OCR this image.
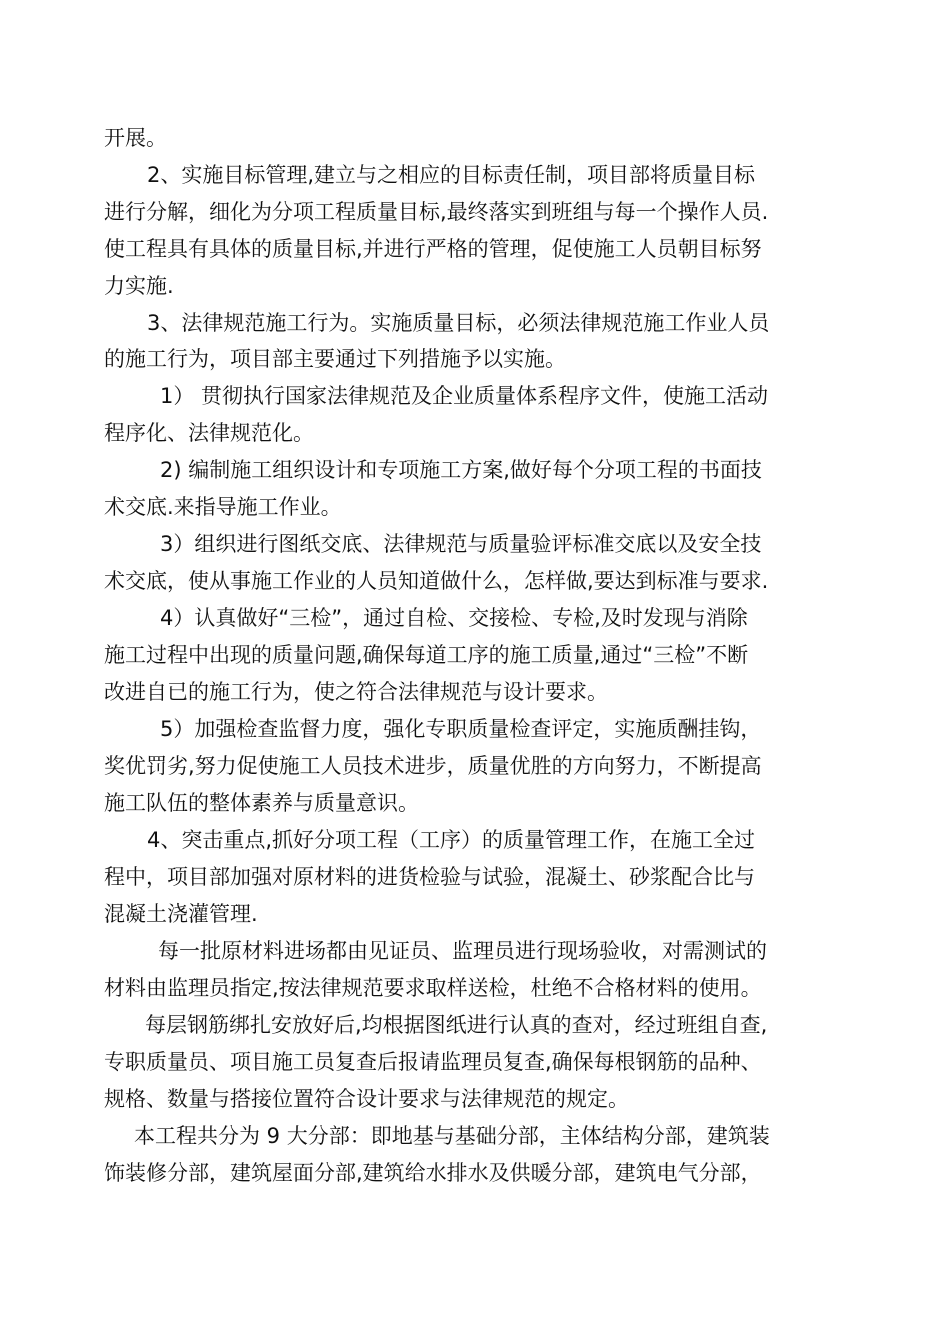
开展。
2、实施目标管理,建立与之相应的目标责任制，项目部将质量目标
进行分解，细化为分项工程质量目标,最终落实到班组与每一个操作人员.
使工程具有具体的质量目标,并进行严格的管理，促使施工人员朝目标努
力实施.
3、法律规范施工行为。实施质量目标，必须法律规范施工作业人员
的施工行为，项目部主要通过下列措施予以实施。
1） 贯彻执行国家法律规范及企业质量体系程序文件，使施工活动
程序化、法律规范化。
2) 编制施工组织设计和专项施工方案,做好每个分项工程的书面技
术交底.来指导施工作业。
3）组织进行图纸交底、法律规范与质量验评标准交底以及安全技
术交底，使从事施工作业的人员知道做什么，怎样做,要达到标准与要求.
4）认真做好“三检”，通过自检、交接检、专检,及时发现与消除
施工过程中出现的质量问题,确保每道工序的施工质量,通过“三检”不断
改进自已的施工行为，使之符合法律规范与设计要求。
5）加强检查监督力度，强化专职质量检查评定，实施质酬挂钩，
奖优罚劣,努力促使施工人员技术进步，质量优胜的方向努力，不断提高
施工队伍的整体素养与质量意识。
4、突击重点,抓好分项工程（工序）的质量管理工作，在施工全过
程中，项目部加强对原材料的进货检验与试验，混凝土、砂浆配合比与
混凝土浇灌管理.
每一批原材料进场都由见证员、监理员进行现场验收，对需测试的
材料由监理员指定,按法律规范要求取样送检，杜绝不合格材料的使用。
每层钢筋绑扎安放好后,均根据图纸进行认真的查对，经过班组自查,
专职质量员、项目施工员复查后报请监理员复查,确保每根钢筋的品种、
规格、数量与搭接位置符合设计要求与法律规范的规定。
本工程共分为 9 大分部：即地基与基础分部，主体结构分部，建筑装
饰装修分部，建筑屋面分部,建筑给水排水及供暖分部，建筑电气分部，
